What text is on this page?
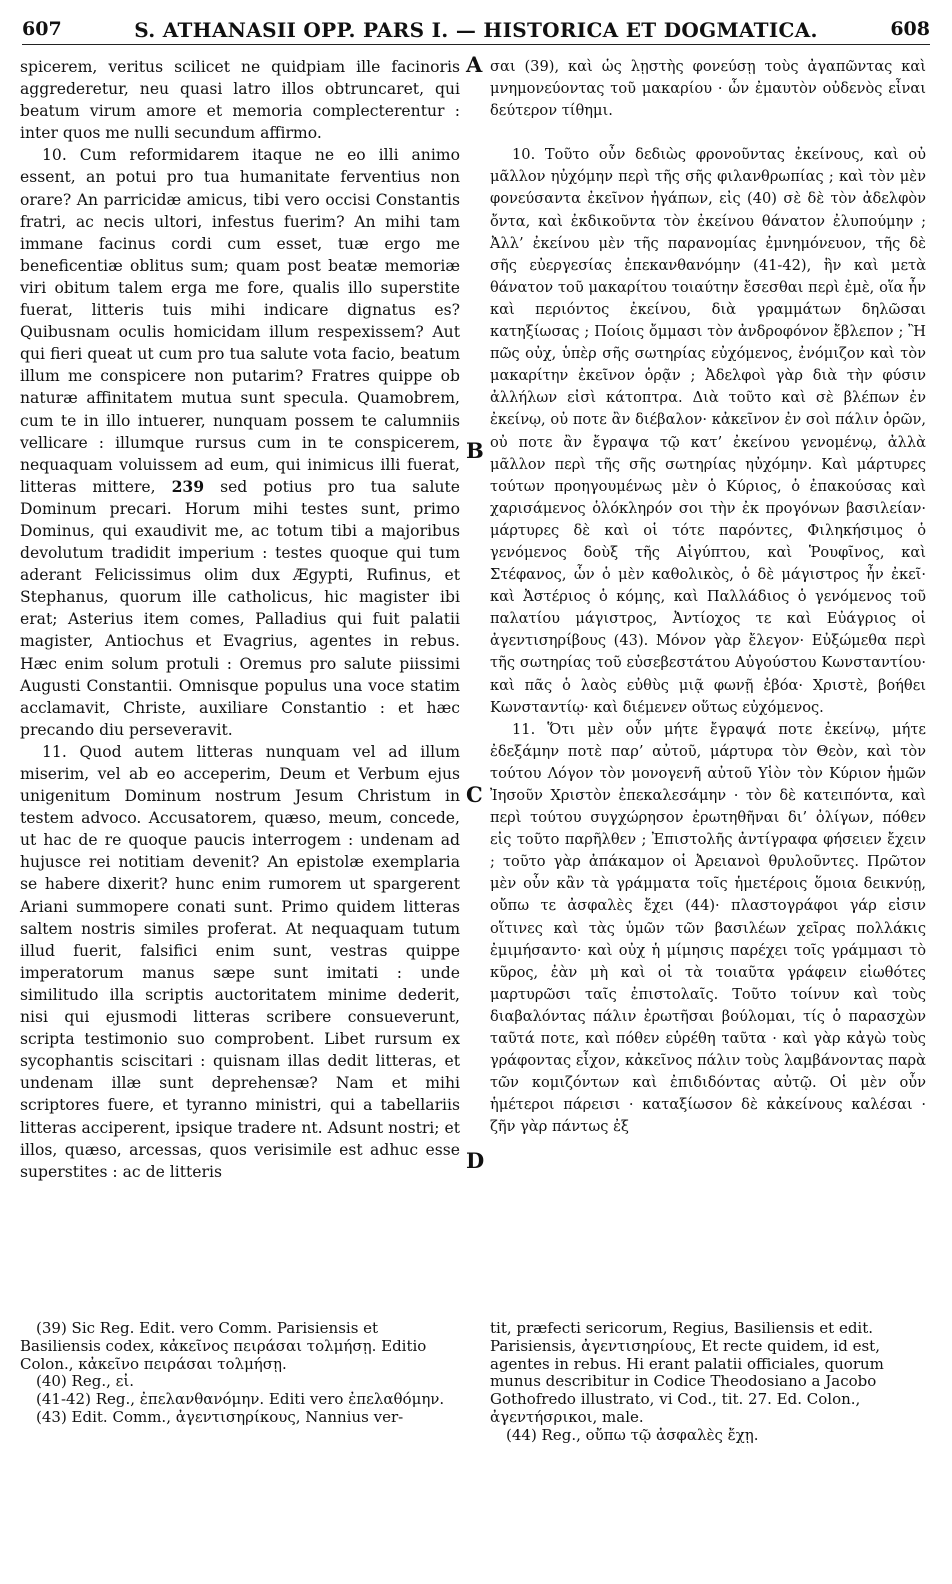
607	S. ATHANASII OPP. PARS I. — HISTORICA ET DOGMATICA.	608

spicerem, veritus scilicet ne quidpiam ille facinoris aggrederetur, neu quasi latro illos obtruncaret, qui beatum virum amore et memoria complecterentur : inter quos me nulli secundum affirmo.

10. Cum reformidarem itaque ne eo illi animo essent, an potui pro tua humanitate ferventius non orare? An parricidæ amicus, tibi vero occisi Constantis fratri, ac necis ultori, infestus fuerim? An mihi tam immane facinus cordi cum esset, tuæ ergo me beneficentiæ oblitus sum; quam post beatæ memoriæ viri obitum talem erga me fore, qualis illo superstite fuerat, litteris tuis mihi indicare dignatus es? Quibusnam oculis homicidam illum respexissem? Aut qui fieri queat ut cum pro tua salute vota facio, beatum illum me conspicere non putarim? Fratres quippe ob naturæ affinitatem mutua sunt specula. Quamobrem, cum te in illo intuerer, nunquam possem te calumniis vellicare : illumque rursus cum in te conspicerem, nequaquam voluissem ad eum, qui inimicus illi fuerat, litteras mittere, 239 sed potius pro tua salute Dominum precari. Horum mihi testes sunt, primo Dominus, qui exaudivit me, ac totum tibi a majoribus devolutum tradidit imperium : testes quoque qui tum aderant Felicissimus olim dux Ægypti, Rufinus, et Stephanus, quorum ille catholicus, hic magister ibi erat; Asterius item comes, Palladius qui fuit palatii magister, Antiochus et Evagrius, agentes in rebus. Hæc enim solum protuli : Oremus pro salute piissimi Augusti Constantii. Omnisque populus una voce statim acclamavit, Christe, auxiliare Constantio : et hæc precando diu perseveravit.

11. Quod autem litteras nunquam vel ad illum miserim, vel ab eo acceperim, Deum et Verbum ejus unigenitum Dominum nostrum Jesum Christum in testem advoco. Accusatorem, quæso, meum, concede, ut hac de re quoque paucis interrogem : undenam ad hujusce rei notitiam devenit? An epistolæ exemplaria se habere dixerit? hunc enim rumorem ut spargerent Ariani summopere conati sunt. Primo quidem litteras saltem nostris similes proferat. At nequaquam tutum illud fuerit, falsifici enim sunt, vestras quippe imperatorum manus sæpe sunt imitati : unde similitudo illa scriptis auctoritatem minime dederit, nisi qui ejusmodi litteras scribere consueverunt, scripta testimonio suo comprobent. Libet rursum ex sycophantis sciscitari : quisnam illas dedit litteras, et undenam illæ sunt deprehensæ? Nam et mihi scriptores fuere, et tyranno ministri, qui a tabellariis litteras acciperent, ipsique tradere nt. Adsunt nostri; et illos, quæso, arcessas, quos verisimile est adhuc esse superstites : ac de litteris

A
B
C
D

σαι (39), καὶ ὡς λῃστὴς φονεύσῃ τοὺς ἀγαπῶντας καὶ μνημονεύοντας τοῦ μακαρίου · ὧν ἐμαυτὸν οὐδενὸς εἶναι δεύτερον τίθημι.

10. Τοῦτο οὖν δεδιὼς φρονοῦντας ἐκείνους, καὶ οὐ μᾶλλον ηὐχόμην περὶ τῆς σῆς φιλανθρωπίας ; καὶ τὸν μὲν φονεύσαντα ἐκεῖνον ἠγάπων, εἰς (40) σὲ δὲ τὸν ἀδελφὸν ὄντα, καὶ ἐκδικοῦντα τὸν ἐκείνου θάνατον ἐλυπούμην ; Ἀλλ’ ἐκείνου μὲν τῆς παρανομίας ἐμνημόνευον, τῆς δὲ σῆς εὐεργεσίας ἐπεκανθανόμην (41-42), ἣν καὶ μετὰ θάνατον τοῦ μακαρίτου τοιαύτην ἔσεσθαι περὶ ἐμὲ, οἵα ἦν καὶ περιόντος ἐκείνου, διὰ γραμμάτων δηλῶσαι κατηξίωσας ; Ποίοις ὄμμασι τὸν ἀνδροφόνον ἔβλεπον ; Ἢ πῶς οὐχ, ὑπὲρ σῆς σωτηρίας εὐχόμενος, ἐνόμιζον καὶ τὸν μακαρίτην ἐκεῖνον ὁρᾷν ; Ἀδελφοὶ γὰρ διὰ τὴν φύσιν ἀλλήλων εἰσὶ κάτοπτρα. Διὰ τοῦτο καὶ σὲ βλέπων ἐν ἐκείνῳ, οὐ ποτε ἂν διέβαλον· κἀκεῖνον ἐν σοὶ πάλιν ὁρῶν, οὐ ποτε ἂν ἔγραψα τῷ κατ’ ἐκείνου γενομένῳ, ἀλλὰ μᾶλλον περὶ τῆς σῆς σωτηρίας ηὐχόμην. Καὶ μάρτυρες τούτων προηγουμένως μὲν ὁ Κύριος, ὁ ἐπακούσας καὶ χαρισάμενος ὁλόκληρόν σοι τὴν ἐκ προγόνων βασιλείαν· μάρτυρες δὲ καὶ οἱ τότε παρόντες, Φιληκήσιμος ὁ γενόμενος δοὺξ τῆς Αἰγύπτου, καὶ Ῥουφῖνος, καὶ Στέφανος, ὧν ὁ μὲν καθολικὸς, ὁ δὲ μάγιστρος ἦν ἐκεῖ· καὶ Ἀστέριος ὁ κόμης, καὶ Παλλάδιος ὁ γενόμενος τοῦ παλατίου μάγιστρος, Ἀντίοχος τε καὶ Εὐάγριος οἱ ἀγεντισηρίβους (43). Μόνον γὰρ ἔλεγον· Εὐξώμεθα περὶ τῆς σωτηρίας τοῦ εὐσεβεστάτου Αὐγούστου Κωνσταντίου· καὶ πᾶς ὁ λαὸς εὐθὺς μιᾷ φωνῇ ἐβόα· Χριστὲ, βοήθει Κωνσταντίῳ· καὶ διέμενεν οὕτως εὐχόμενος.

11. Ὅτι μὲν οὖν μήτε ἔγραψά ποτε ἐκείνῳ, μήτε ἐδεξάμην ποτὲ παρ’ αὐτοῦ, μάρτυρα τὸν Θεὸν, καὶ τὸν τούτου Λόγον τὸν μονογενῆ αὐτοῦ Υἱὸν τὸν Κύριον ἡμῶν Ἰησοῦν Χριστὸν ἐπεκαλεσάμην · τὸν δὲ κατειπόντα, καὶ περὶ τούτου συγχώρησον ἐρωτηθῆναι δι’ ὀλίγων, πόθεν εἰς τοῦτο παρῆλθεν ; Ἐπιστολῆς ἀντίγραφα φήσειεν ἔχειν ; τοῦτο γὰρ ἀπάκαμον οἱ Ἀρειανοὶ θρυλοῦντες. Πρῶτον μὲν οὖν κἂν τὰ γράμματα τοῖς ἡμετέροις ὅμοια δεικνύῃ, οὔπω τε ἀσφαλὲς ἔχει (44)· πλαστογράφοι γάρ εἰσιν οἵτινες καὶ τὰς ὑμῶν τῶν βασιλέων χεῖρας πολλάκις ἐμιμήσαντο· καὶ οὐχ ἡ μίμησις παρέχει τοῖς γράμμασι τὸ κῦρος, ἐὰν μὴ καὶ οἱ τὰ τοιαῦτα γράφειν εἰωθότες μαρτυρῶσι ταῖς ἐπιστολαῖς. Τοῦτο τοίνυν καὶ τοὺς διαβαλόντας πάλιν ἐρωτῆσαι βούλομαι, τίς ὁ παρασχὼν ταῦτά ποτε, καὶ πόθεν εὑρέθη ταῦτα · καὶ γὰρ κἀγὼ τοὺς γράφοντας εἶχον, κἀκεῖνος πάλιν τοὺς λαμβάνοντας παρὰ τῶν κομιζόντων καὶ ἐπιδιδόντας αὐτῷ. Οἱ μὲν οὖν ἡμέτεροι πάρεισι · καταξίωσον δὲ κἀκείνους καλέσαι · ζῆν γὰρ πάντως ἐξ

(39) Sic Reg. Edit. vero Comm. Parisiensis et Basiliensis codex, κἀκεῖνος πειράσαι τολμήσῃ. Editio Colon., κἀκεῖνο πειράσαι τολμήσῃ.

(40) Reg., εἰ.

(41-42) Reg., ἐπελανθανόμην. Editi vero ἐπελαθόμην.

(43) Edit. Comm., ἀγεντισηρίκους, Nannius ver-

tit, præfecti sericorum, Regius, Basiliensis et edit. Parisiensis, ἀγεντισηρίους, Et recte quidem, id est, agentes in rebus. Hi erant palatii officiales, quorum munus describitur in Codice Theodosiano a Jacobo Gothofredo illustrato, vi Cod., tit. 27. Ed. Colon., ἀγεντήσρικοι, male.

(44) Reg., οὔπω τῷ ἀσφαλὲς ἔχῃ.
